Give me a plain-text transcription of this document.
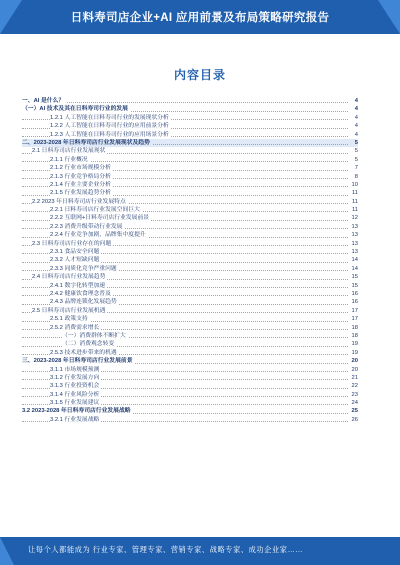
日料寿司店企业+AI 应用前景及布局策略研究报告
内容目录
一、AI 是什么？	4
（一）AI 技术及其在日料寿司行业的发展	4
1.2.1 人工智能在日料寿司行业的发展现状分析	4
1.2.2 人工智能在日料寿司行业的应用前景分析	4
1.2.3 人工智能在日料寿司行业的应用场景分析	4
二、2023-2028 年日料寿司店行业发展现状及趋势	5
2.1 日料寿司店行业发展现状	5
2.1.1 行业概况	5
2.1.2 行业市场规模分析	7
2.1.3 行业竞争格局分析	8
2.1.4 行业主要企业分析	10
2.1.5 行业发展趋势分析	11
2.2 2023 年日料寿司店行业发展特点	11
2.2.1 日料寿司店行业发展空间巨大	11
2.2.2 互联网+日料寿司店行业发展前景	12
2.2.3 消费升级带动行业发展	13
2.2.4 行业竞争加剧，品牌集中度提升	13
2.3 日料寿司店行业存在的问题	13
2.3.1 食品安全问题	13
2.3.2 人才短缺问题	14
2.3.3 同质化竞争严重问题	14
2.4 日料寿司店行业发展趋势	15
2.4.1 数字化转型加速	15
2.4.2 健康饮食理念普及	16
2.4.3 品牌连锁化发展趋势	16
2.5 日料寿司店行业发展机遇	17
2.5.1 政策支持	17
2.5.2 消费需求增长	18
（一）消费群体不断扩大	18
（二）消费观念转变	19
2.5.3 技术进步带来的机遇	19
三、2023-2028 年日料寿司店行业发展前景	20
3.1.1 市场规模预测	20
3.1.2 行业发展方向	21
3.1.3 行业投资机会	22
3.1.4 行业风险分析	23
3.1.5 行业发展建议	24
3.2 2023-2028 年日料寿司店行业发展战略	25
3.2.1 行业发展战略	26
让每个人都能成为 行业专家、管理专家、营销专家、战略专家、成功企业家……
